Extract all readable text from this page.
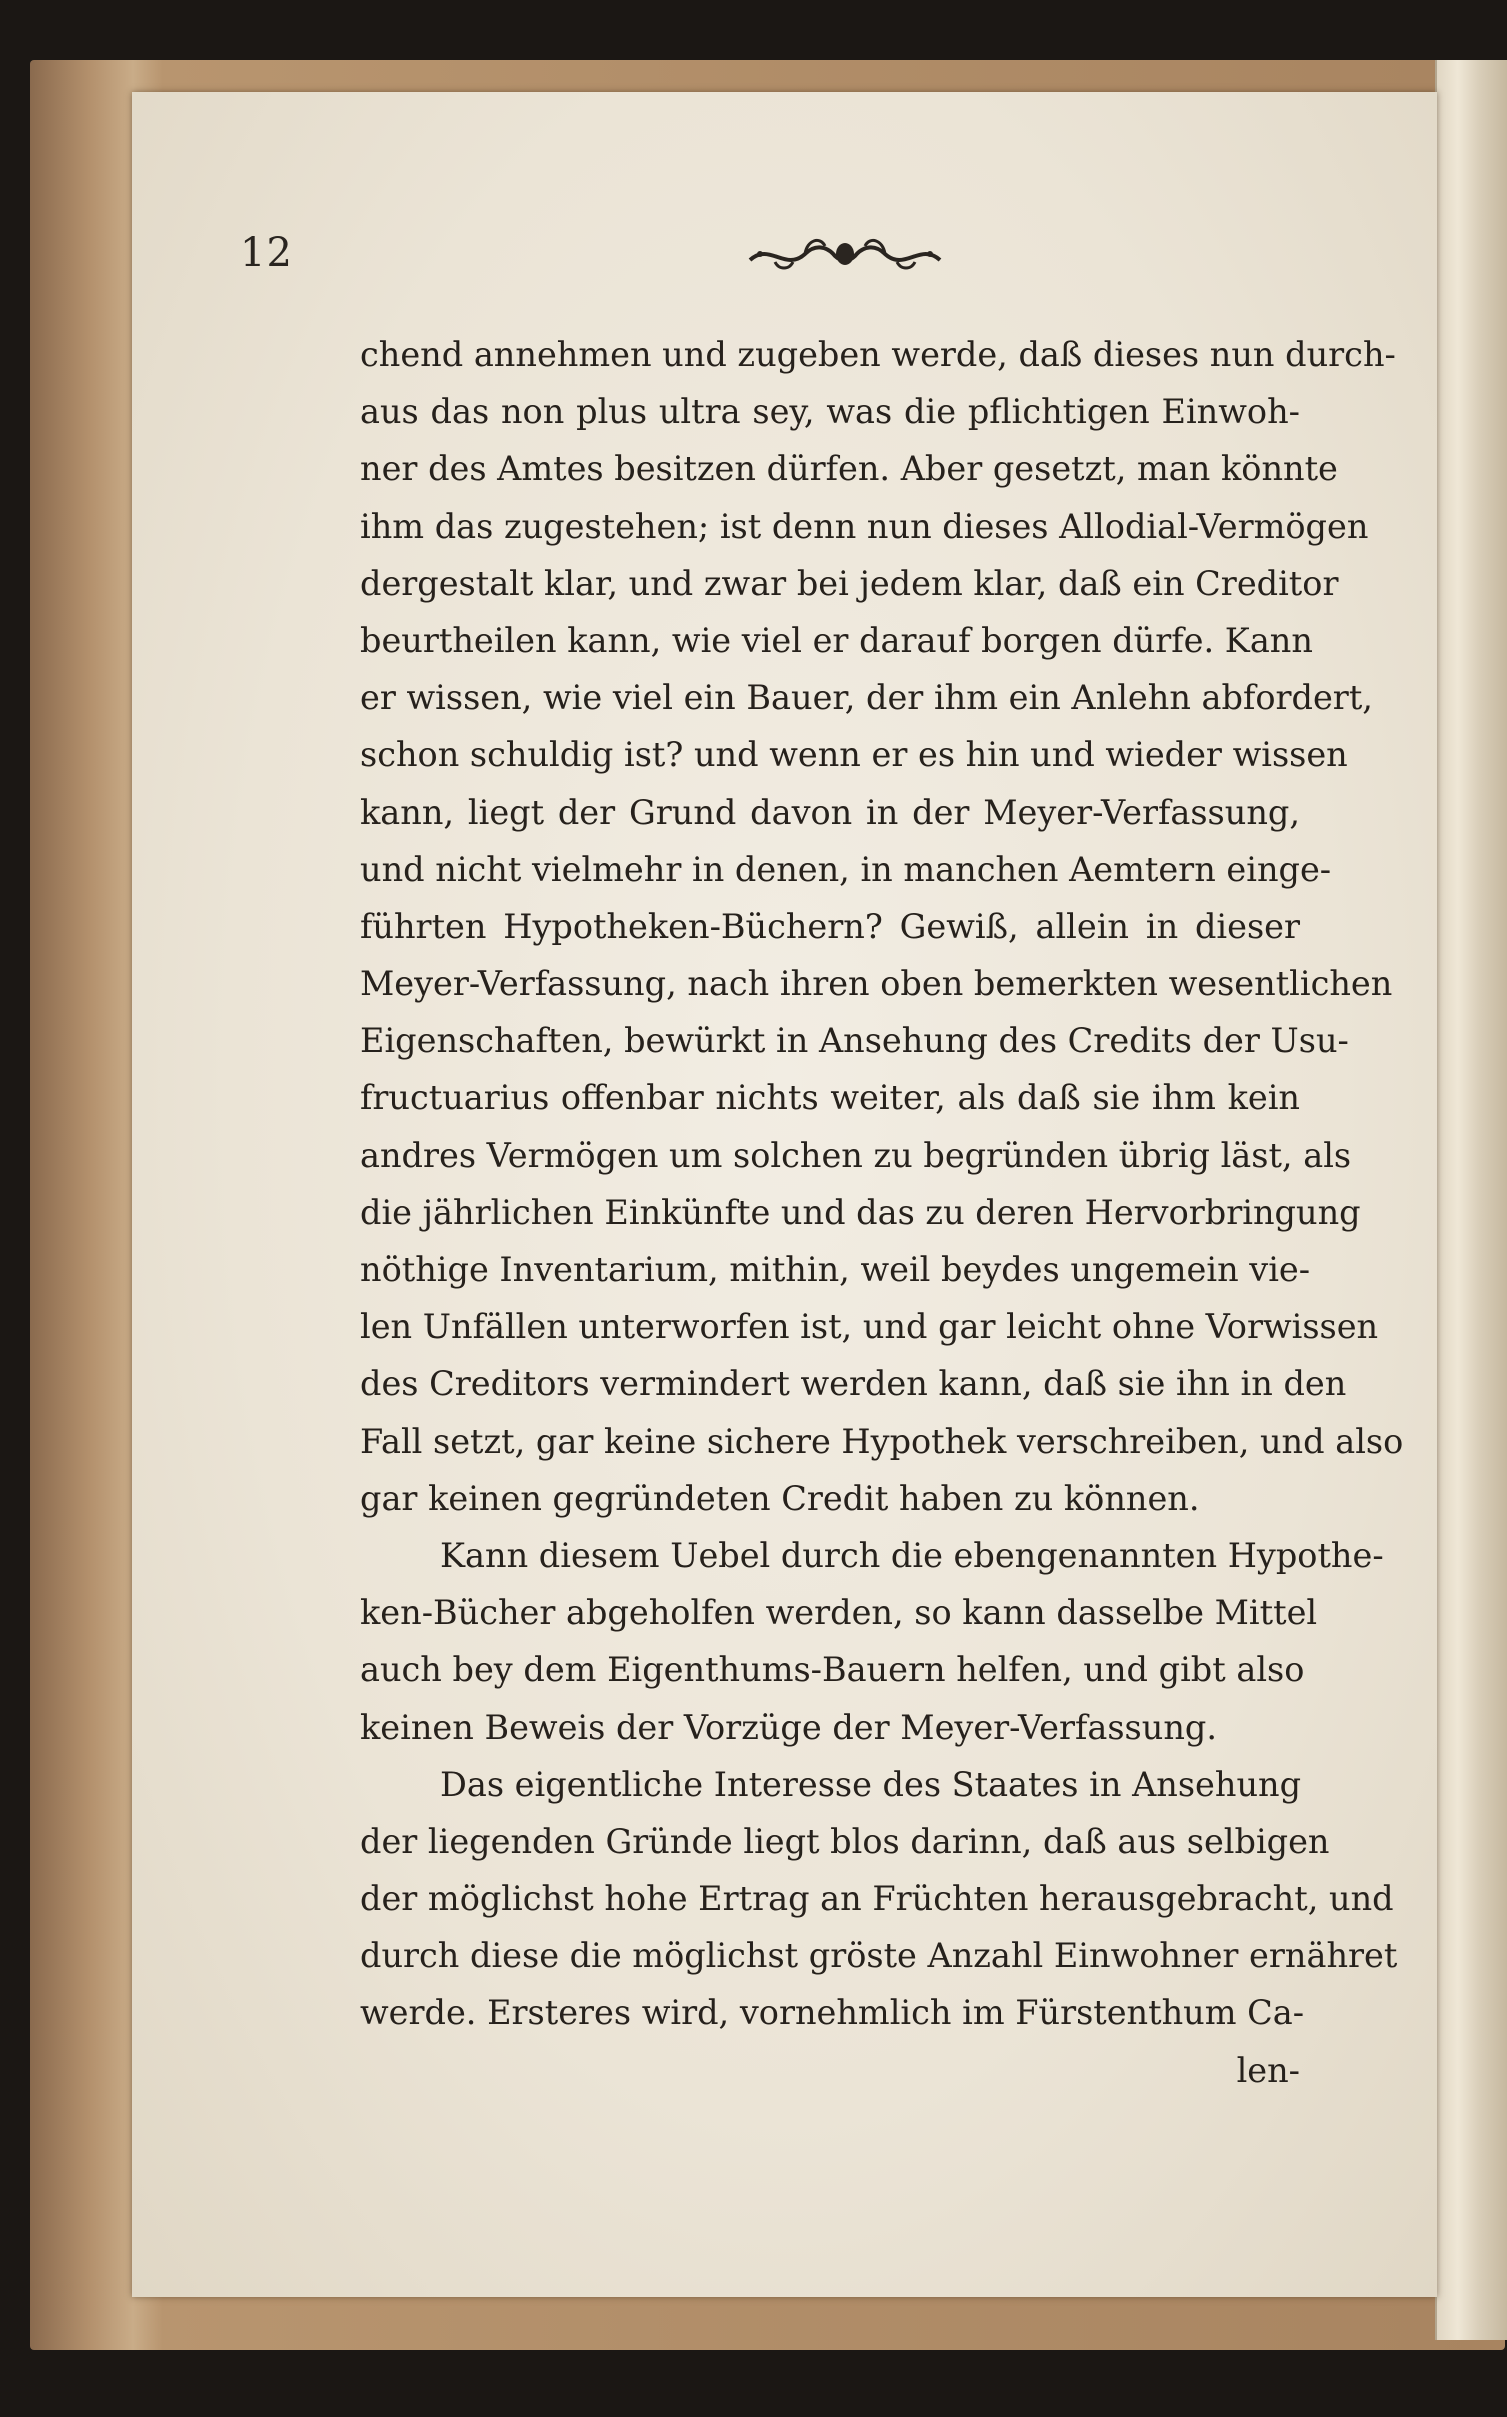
12
chend annehmen und zugeben werde, daß dieses nun durch-
aus das non plus ultra sey, was die pflichtigen Einwoh-
ner des Amtes besitzen dürfen. Aber gesetzt, man könnte
ihm das zugestehen; ist denn nun dieses Allodial-Vermögen
dergestalt klar, und zwar bei jedem klar, daß ein Creditor
beurtheilen kann, wie viel er darauf borgen dürfe. Kann
er wissen, wie viel ein Bauer, der ihm ein Anlehn abfordert,
schon schuldig ist? und wenn er es hin und wieder wissen
kann, liegt der Grund davon in der Meyer-Verfassung,
und nicht vielmehr in denen, in manchen Aemtern einge-
führten Hypotheken-Büchern? Gewiß, allein in dieser
Meyer-Verfassung, nach ihren oben bemerkten wesentlichen
Eigenschaften, bewürkt in Ansehung des Credits der Usu-
fructuarius offenbar nichts weiter, als daß sie ihm kein
andres Vermögen um solchen zu begründen übrig läst, als
die jährlichen Einkünfte und das zu deren Hervorbringung
nöthige Inventarium, mithin, weil beydes ungemein vie-
len Unfällen unterworfen ist, und gar leicht ohne Vorwissen
des Creditors vermindert werden kann, daß sie ihn in den
Fall setzt, gar keine sichere Hypothek verschreiben, und also
gar keinen gegründeten Credit haben zu können.
Kann diesem Uebel durch die ebengenannten Hypothe-
ken-Bücher abgeholfen werden, so kann dasselbe Mittel
auch bey dem Eigenthums-Bauern helfen, und gibt also
keinen Beweis der Vorzüge der Meyer-Verfassung.
Das eigentliche Interesse des Staates in Ansehung
der liegenden Gründe liegt blos darinn, daß aus selbigen
der möglichst hohe Ertrag an Früchten herausgebracht, und
durch diese die möglichst gröste Anzahl Einwohner ernähret
werde. Ersteres wird, vornehmlich im Fürstenthum Ca-
len-
